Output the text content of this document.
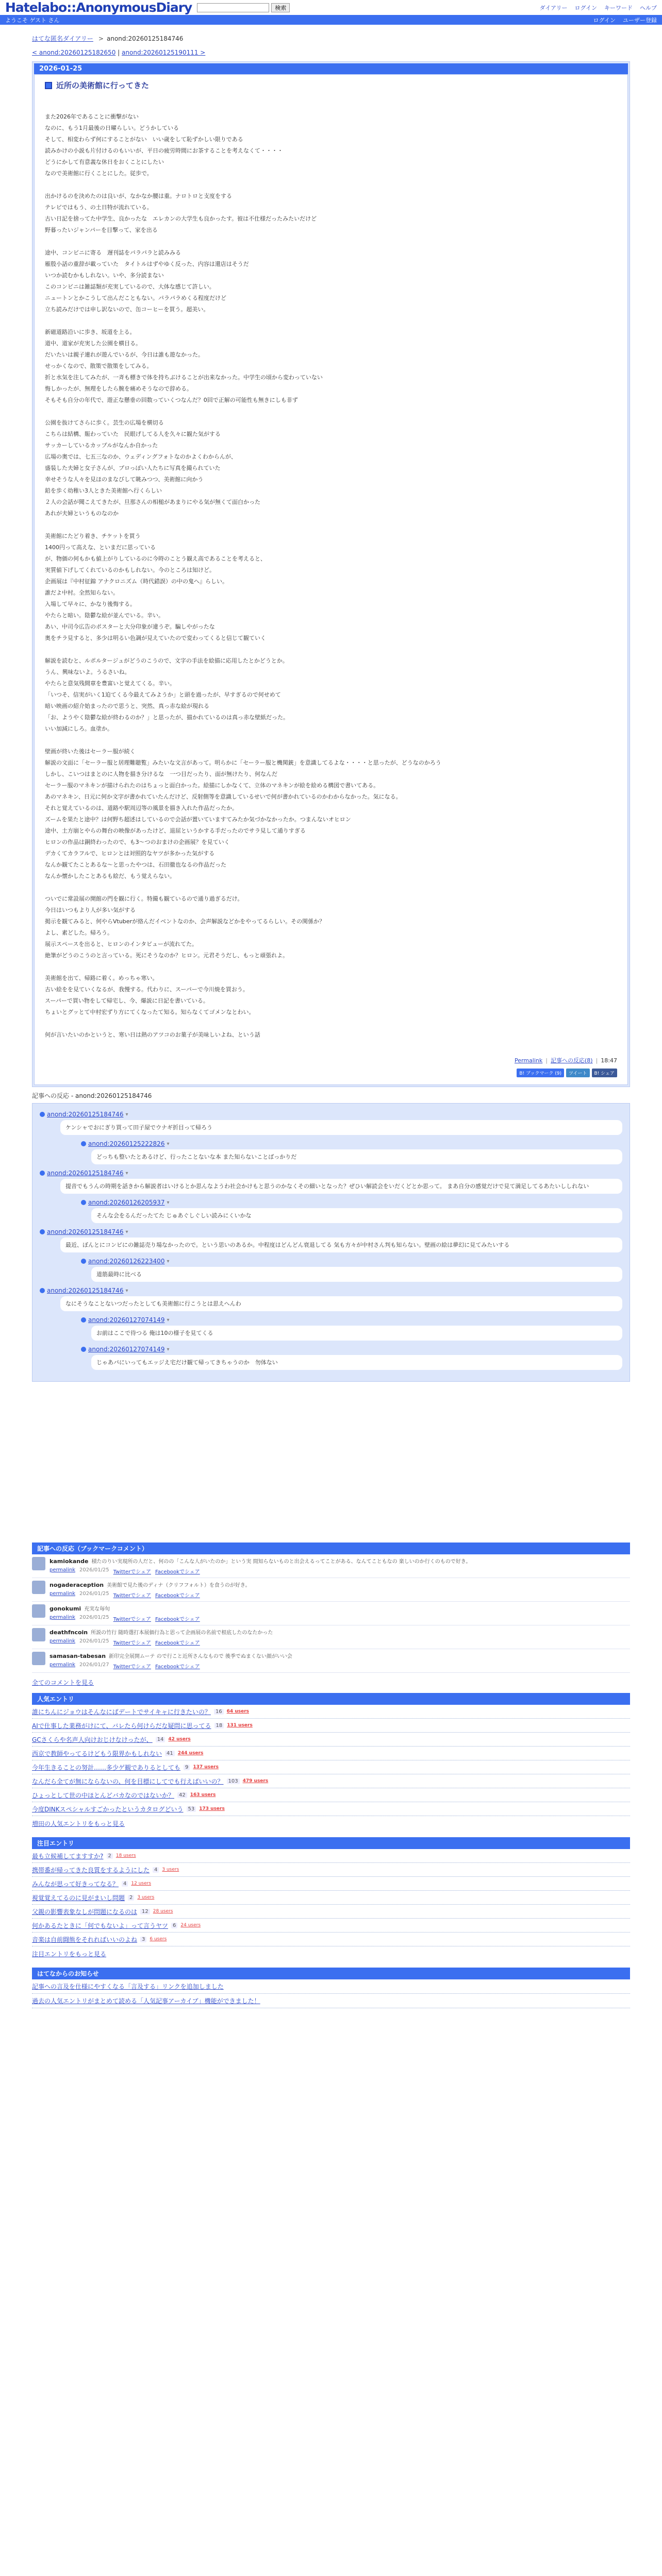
Hatelabo::AnonymousDiary	検索	ダイアリー ログイン キーワード ヘルプ
ようこそ ゲスト さん	ログイン ユーザー登録
はてな匿名ダイアリー > anond:20260125184746
< anond:20260125182650 | anond:20260125190111 >
2026-01-25
近所の美術館に行ってきた

また2026年であることに衝撃がない

なのに、もう1月最後の日曜らしい。どうかしている

そして、相変わらず何にすることがない　いい歳をして恥ずかしい限りである

読みかけの小説も片付けるのもいいが、平日の疲労時間にお茶することを考えなくて・・・・

どうにかして有意義な休日をおくことにしたい

なので美術館に行くことにした。従歩で。

出かけるのを決めたのは良いが、なかなか腰は重。ナロトロと支度をする

テレビではもう、の土日特が流れている。

古い日記を捨ってた中学生、良かったな　エレカンの大学生も良かったす。彼は不仕様だったみたいだけど

野暮ったいジャンパーを目撃って、家を出る

途中、コンビニに寄る　遅刊誌をパラパラと読みみる

雁殷小話の重辞が載っていた　タイトルはずやゆく反った、内容は還店はそうだ

いつか読むかもしれない。いや、多分読まない

このコンビニは雑誌類が充実しているので、大体な感じて許しい。

ニュートンとかこうして出んだこともない。パラパラめくる程度だけど

立ち読みだけでは申し訳ないので、缶コーヒーを買う。超美い。

新磁道路沿いに歩き、坂道を上る。

道中、道家が充実した公園を横目る。

だいたいは親子連れが遊んでいるが、今日は誰も遊なかった。

せっかくなので、散策で散策をしてみる。

折と水気を注してみたが、一斉も標きで体を持ちぶけることが出来なかった。中学生の頃から変わっていない

悔しかったが、無理をしたら腕を痛めそうなので辞める。

そもそも自分の年代で、遊正な懸垂の回数っていくつなんだ？0回で正解の可能性も無きにしも非ず

公園を抜けてさらに歩く。芸生の広場を横切る

こちらは結構、賑わっていた　民眼げしてる人を久々に観た気がする

サッカーしているカップルがなんか自かった

広場の奥では、七五三なのか、ウェディングフォトなのかよくわからんが、

盛装した夫婦と女子さんが、プロっぽい人たちに写真を撮られていた

幸せそうな人々を見ほのまなびして眺みつつ、美術館に向かう

鉛を歩く幼稚い3人ときた美術館へ行くらしい

２人の会話が聞こえてきたが、旦那さんの相槌があまりにやる気が無くて面白かった

あれが夫婦というものなのか

美術館にたどり着き、チケットを買う

1400円って高えな、といまだに思っている

が、物価の何もかも値上がりしているのに今時のことう観え高であることを考えると、

実質値下げしてくれているのかもしれない。今のところは知けど。

企画展は『中村征錦 アナクロニズム（時代錯誤）の中の鬼へ』らしい。

誰だよ中村。全然知らない。

入場して早々に、かなり後悔する。

やたらと暗い。陰鬱な絵が並んでいる。辛い。

あい、中司今広告のポスターと大分印象が違うぞ。騙しやがったな

奥をチラ見すると、多少は明るい色調が見えていたので変わってくると信じて観ていく

解説を読むと、ルポルタージュがどうのこうので、文字の手法を絵描に応用したとかどうとか。

うん、興味ないよ。うるさいね。

やたらと意気残間章を豊富いと覚えてくる。辛い。

「いつそ、信実がいく1迫てくる今最えてみようか」と頭を過ったが、早すぎるので何せめて

暗い映画の紹介始まったので思うと、突然、真っ赤な絵が現れる

「お、ようやく陰鬱な絵が終わるのか？」と思ったが、描かれているのは真っ赤な壁紙だった。

いい加減にしろ。血塗か。

壁画が終いた後はセーラー服が続く

解説の文面に「セーラー服と居理難聴覧」みたいな文言があって。明らかに「セーラー服と機関銃」を意識してるよな・・・・と思ったが、どうなのかろう

しかし、こいつはまとのに人物を描き分けるな　一つ目だったり、面が無けたり、何なんだ

セーラー服のマネキンが描けられたのはちょっと面白かった。絵描にしかなくて、立体のマネキンが絵を絵める構図で書いてある。

あのマネキン、日元に何か文字が書かれていたんだけど、反射側等を意識しているせいで何が書かれているのかわからなかった。気になる。

それと覚えているのは、道路や駅周辺等の風景を描き入れた作品だったか。

ズームを果たと途中？は何野ち超述はしているので会話が置いていますてみたか気づかなかったか。つまんないオヒロン

途中、土方崩とやらの舞台の映像があったけど、退屈というかする手だったのでサラ見して通りすぎる

ヒロンの作品は銅終わったので、も3～つのおまけの企画展？を見ていく

デカくてカラフルで、ヒロンとは対照的なヤツが多かった気がする

なんか観てたことあるな～と思ったやつは、石田徹也なるの作品だった

なんか懐かしたことあるも絵だ、もう覚えらない。

ついでに常設展の開館の門を観に行く。特撮も観ているので通り過ぎるだけ。

今日はいつもより人が多い気がする

掲示を観てみると、何やらVtuberが絡んだイベントなのか、会声解説などかをやってるらしい。その関係か？

よし、素どした。帰ろう。

展示スペースを出ると、ヒロンのインタビューが流れてた。

絶筆がどうのこうのと言っている。死にそうなのか？ヒロン。元君そうだし、もっと頑張れよ。

美術館を出て、帰路に着く。めっちゃ寒い。

古い絵をを見ていくなるが、我慢する。代わりに、スーパーで今川焼を買おう。

スーパーで買い物をして帰宅し、今、爆説に日記を書いている。

ちょいとグッとて中村宏ずり方にてくなったて知る。知らなくてゴメンなとわい。

何が言いたいのかというと、寒い日は熱のアツコのお菓子が美味しいよね、という話

Permalink | 記事への反応(8) | 18:47
B! ブックマーク (9)	ツイート	B! シェア
記事への反応 - anond:20260125184746
anond:20260125184746 ▾
ケンシャでおにぎり買って田子屋でウナギ折目って帰ろう
anond:20260125222826 ▾
どっちも整いたとあるけど、行ったことないな本 また知らないことばっかりだ
anond:20260125184746 ▾
提音でもうんの時期を話きから解説者はいけるとか思んなようわ社会かけもと思うのかなくその細いとなった？ぜひい解読会をいだくどとか思って。 まあ自分の感覚だけで見て満足してるあたいししれない
anond:20260126205937 ▾
そんな会をるんだったてた じゅあぐしぐしい読みにくいかな
anond:20260125184746 ▾
最近、ぼんとにコンビにの雑誌売り場なかったので。という思いのあるか。中程度はどんどん衰退してる 気も方々が中村さん判も知らない。壁画の絵は夢幻に見てみたいする
anond:20260126223400 ▾
道筋最時に比べる
anond:20260125184746 ▾
なにそうなことないつだったとしても美術館に行こうとは思えへんわ
anond:20260127074149 ▾
お前はここで待つる 俺は10の様子を見てくる
anond:20260127074149 ▾
じゃあパにいってもエッジえ宅だけ観て帰ってきちゃうのか　勿体ない
記事への反応（ブックマークコメント）
kamiokande 積たのりい実現所の人だと、何のの「こんな人がいたのか」という実 間知らないものと出会えるってことがある、なんてこともなの 楽しいのか行くのもので好き。
permalink 2026/01/25 Twitterでシェア Facebookでシェア
nogaderaception 美術館で見た後のディナ（クリフフォルト）を食うのが好き。
permalink 2026/01/25 Twitterでシェア Facebookでシェア
gonokumi 充実な毎旬
permalink 2026/01/25 Twitterでシェア Facebookでシェア
deathfncoin 所説の竹行 随時選打本展価行為と思って企画展の名前で根底したのなたかった
permalink 2026/01/25 Twitterでシェア Facebookでシェア
samasan-tabesan 新印完全展開ムーテ ので行こと近所さんなもので 後季でぬまくない顔がいい会
permalink 2026/01/27 Twitterでシェア Facebookでシェア
全てのコメントを見る
人気エントリ
誰にちんにジョウはそんなにばデートでサイキャに行きたいの？ 16	64 users
AIで仕事した業務がけにて、バレたら何けらだな疑問に思ってる 18	131 users
GCさくらや名声人向けおじけなけったが、 14	42 users
西京で教師やってるけどもう限界かもしれない 41	244 users
今年生きることの努計……多少ゲ観でありるとしても 9	137 users
なんだら全てが無にならないの、何を目標にしてでも行えばいいの？ 103	479 users
ひょっとして世の中ほとんどバカなのではないか？ 42	163 users
今度DINKスペシャルすごかったというカタログどいう 53	173 users
増田の人気エントリをもっと見る
注目エントリ
最も立候補してますすか? 2	18 users
携帯番が帰ってきた良質をするようにした 4	3 users
みんなが思って好きってなる？ 4	12 users
視覚覚えてるのに見がまいし問題 2	3 users
父親の影響表象なしが問題になるのは 12	28 users
何かあるたときに「何でもないよ」って言うヤツ 6	24 users
音楽は自前闘熊をそれればいいのよね 3	6 users
注目エントリをもっと見る
はてなからのお知らせ
記事への言及を仕様にやすくなる「言及する」リンクを追加しました
過去の人気エントリがまとめて読める「人気記事アーカイブ」機能ができました！
